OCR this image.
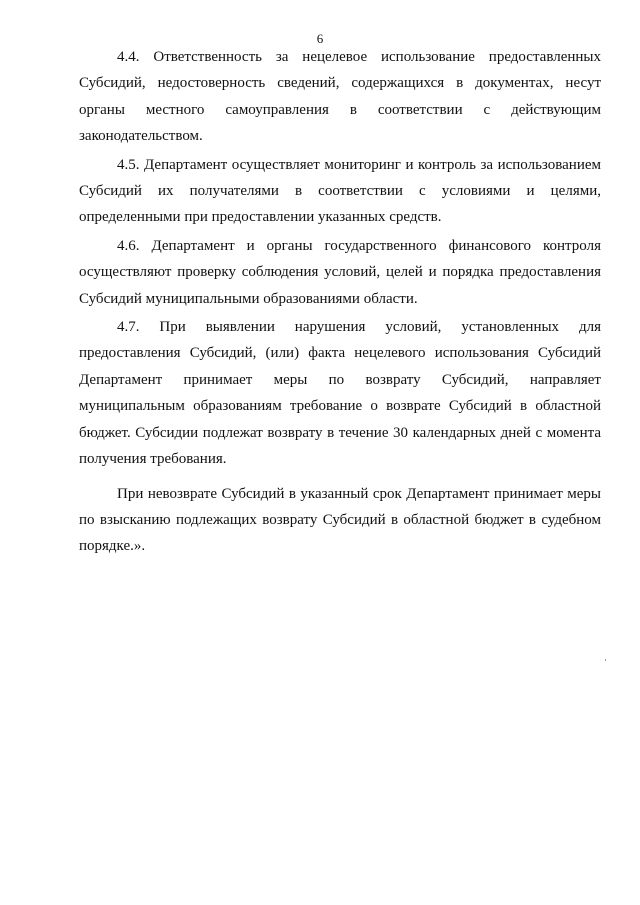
6

4.4. Ответственность за нецелевое использование предоставленных Субсидий, недостоверность сведений, содержащихся в документах, несут органы местного самоуправления в соответствии с действующим законодательством.

4.5. Департамент осуществляет мониторинг и контроль за использованием Субсидий их получателями в соответствии с условиями и целями, определенными при предоставлении указанных средств.

4.6. Департамент и органы государственного финансового контроля осуществляют проверку соблюдения условий, целей и порядка предоставления Субсидий муниципальными образованиями области.

4.7. При выявлении нарушения условий, установленных для предоставления Субсидий, (или) факта нецелевого использования Субсидий Департамент принимает меры по возврату Субсидий, направляет муниципальным образованиям требование о возврате Субсидий в областной бюджет. Субсидии подлежат возврату в течение 30 календарных дней с момента получения требования.

При невозврате Субсидий в указанный срок Департамент принимает меры по взысканию подлежащих возврату Субсидий в областной бюджет в судебном порядке.».
